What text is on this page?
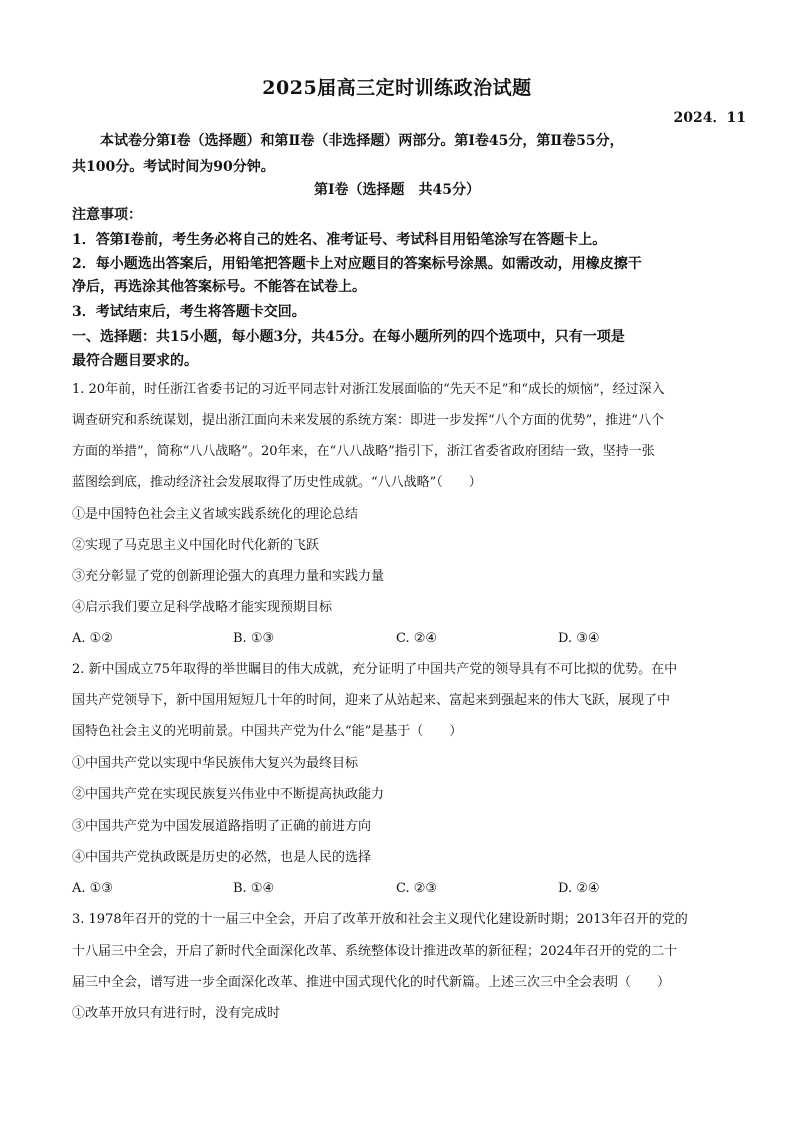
2025届高三定时训练政治试题
2024．11
　　本试卷分第Ⅰ卷（选择题）和第Ⅱ卷（非选择题）两部分。第Ⅰ卷45分，第Ⅱ卷55分，
共100分。考试时间为90分钟。
第Ⅰ卷（选择题　共45分）
注意事项：
1．答第Ⅰ卷前，考生务必将自己的姓名、准考证号、考试科目用铅笔涂写在答题卡上。
2．每小题选出答案后，用铅笔把答题卡上对应题目的答案标号涂黑。如需改动，用橡皮擦干
净后，再选涂其他答案标号。不能答在试卷上。
3．考试结束后，考生将答题卡交回。
一、选择题：共15小题，每小题3分，共45分。在每小题所列的四个选项中，只有一项是
最符合题目要求的。
1. 20年前，时任浙江省委书记的习近平同志针对浙江发展面临的“先天不足”和“成长的烦恼”，经过深入
调查研究和系统谋划，提出浙江面向未来发展的系统方案：即进一步发挥“八个方面的优势”，推进“八个
方面的举措”，简称“八八战略”。20年来，在“八八战略”指引下，浙江省委省政府团结一致，坚持一张
蓝图绘到底，推动经济社会发展取得了历史性成就。“八八战略”（　　）
①是中国特色社会主义省域实践系统化的理论总结
②实现了马克思主义中国化时代化新的飞跃
③充分彰显了党的创新理论强大的真理力量和实践力量
④启示我们要立足科学战略才能实现预期目标
A. ①②	B. ①③	C. ②④	D. ③④
2. 新中国成立75年取得的举世瞩目的伟大成就，充分证明了中国共产党的领导具有不可比拟的优势。在中
国共产党领导下，新中国用短短几十年的时间，迎来了从站起来、富起来到强起来的伟大飞跃，展现了中
国特色社会主义的光明前景。中国共产党为什么“能”是基于（　　）
①中国共产党以实现中华民族伟大复兴为最终目标
②中国共产党在实现民族复兴伟业中不断提高执政能力
③中国共产党为中国发展道路指明了正确的前进方向
④中国共产党执政既是历史的必然，也是人民的选择
A. ①③	B. ①④	C. ②③	D. ②④
3. 1978年召开的党的十一届三中全会，开启了改革开放和社会主义现代化建设新时期；2013年召开的党的
十八届三中全会，开启了新时代全面深化改革、系统整体设计推进改革的新征程；2024年召开的党的二十
届三中全会，谱写进一步全面深化改革、推进中国式现代化的时代新篇。上述三次三中全会表明（　　）
①改革开放只有进行时，没有完成时
